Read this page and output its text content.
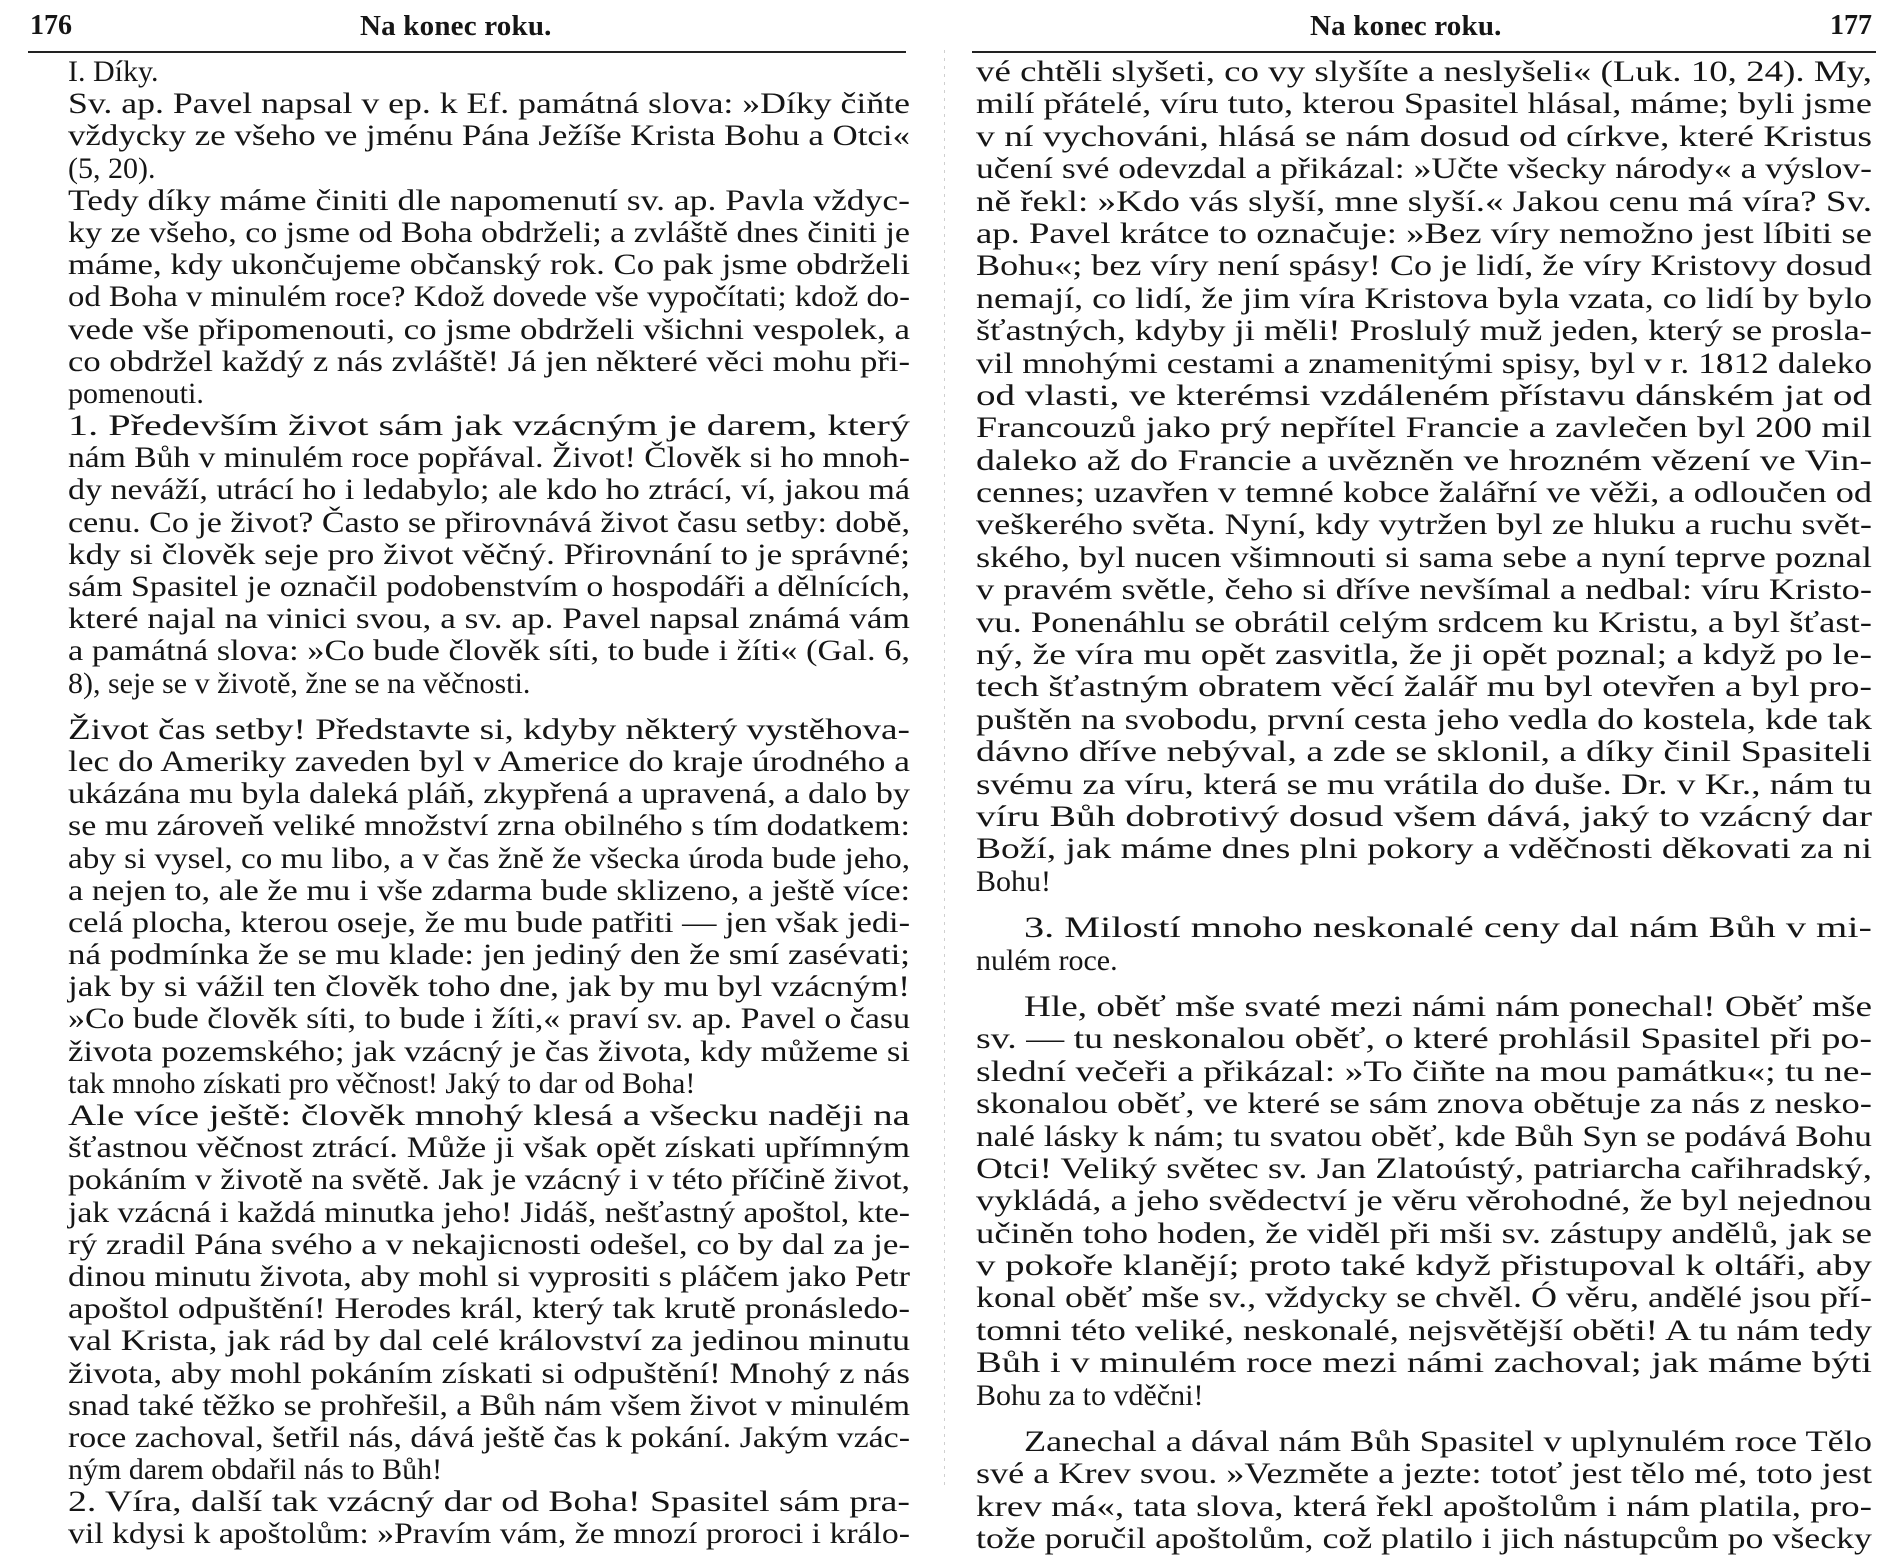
176	Na konec roku.
I. Díky.
Sv. ap. Pavel napsal v ep. k Ef. památná slova: »Díky čiňte
vždycky ze všeho ve jménu Pána Ježíše Krista Bohu a Otci«
(5, 20).
Tedy díky máme činiti dle napomenutí sv. ap. Pavla vždyc-
ky ze všeho, co jsme od Boha obdrželi; a zvláště dnes činiti je
máme, kdy ukončujeme občanský rok. Co pak jsme obdrželi
od Boha v minulém roce? Kdož dovede vše vypočítati; kdož do-
vede vše připomenouti, co jsme obdrželi všichni vespolek, a
co obdržel každý z nás zvláště! Já jen některé věci mohu při-
pomenouti.
1. Především život sám jak vzácným je darem, který
nám Bůh v minulém roce popřával. Život! Člověk si ho mnoh-
dy neváží, utrácí ho i ledabylo; ale kdo ho ztrácí, ví, jakou má
cenu. Co je život? Často se přirovnává život času setby: době,
kdy si člověk seje pro život věčný. Přirovnání to je správné;
sám Spasitel je označil podobenstvím o hospodáři a dělnících,
které najal na vinici svou, a sv. ap. Pavel napsal známá vám
a památná slova: »Co bude člověk síti, to bude i žíti« (Gal. 6,
8), seje se v životě, žne se na věčnosti.
Život čas setby! Představte si, kdyby některý vystěhova-
lec do Ameriky zaveden byl v Americe do kraje úrodného a
ukázána mu byla daleká pláň, zkypřená a upravená, a dalo by
se mu zároveň veliké množství zrna obilného s tím dodatkem:
aby si vysel, co mu libo, a v čas žně že všecka úroda bude jeho,
a nejen to, ale že mu i vše zdarma bude sklizeno, a ještě více:
celá plocha, kterou oseje, že mu bude patřiti — jen však jedi-
ná podmínka že se mu klade: jen jediný den že smí zasévati;
jak by si vážil ten člověk toho dne, jak by mu byl vzácným!
»Co bude člověk síti, to bude i žíti,« praví sv. ap. Pavel o času
života pozemského; jak vzácný je čas života, kdy můžeme si
tak mnoho získati pro věčnost! Jaký to dar od Boha!
Ale více ještě: člověk mnohý klesá a všecku naději na
šťastnou věčnost ztrácí. Může ji však opět získati upřímným
pokáním v životě na světě. Jak je vzácný i v této příčině život,
jak vzácná i každá minutka jeho! Jidáš, nešťastný apoštol, kte-
rý zradil Pána svého a v nekajicnosti odešel, co by dal za je-
dinou minutu života, aby mohl si vyprositi s pláčem jako Petr
apoštol odpuštění! Herodes král, který tak krutě pronásledo-
val Krista, jak rád by dal celé království za jedinou minutu
života, aby mohl pokáním získati si odpuštění! Mnohý z nás
snad také těžko se prohřešil, a Bůh nám všem život v minulém
roce zachoval, šetřil nás, dává ještě čas k pokání. Jakým vzác-
ným darem obdařil nás to Bůh!
2. Víra, další tak vzácný dar od Boha! Spasitel sám pra-
vil kdysi k apoštolům: »Pravím vám, že mnozí proroci i králo-
Na konec roku.	177
vé chtěli slyšeti, co vy slyšíte a neslyšeli« (Luk. 10, 24). My,
milí přátelé, víru tuto, kterou Spasitel hlásal, máme; byli jsme
v ní vychováni, hlásá se nám dosud od církve, které Kristus
učení své odevzdal a přikázal: »Učte všecky národy« a výslov-
ně řekl: »Kdo vás slyší, mne slyší.« Jakou cenu má víra? Sv.
ap. Pavel krátce to označuje: »Bez víry nemožno jest líbiti se
Bohu«; bez víry není spásy! Co je lidí, že víry Kristovy dosud
nemají, co lidí, že jim víra Kristova byla vzata, co lidí by bylo
šťastných, kdyby ji měli! Proslulý muž jeden, který se prosla-
vil mnohými cestami a znamenitými spisy, byl v r. 1812 daleko
od vlasti, ve kterémsi vzdáleném přístavu dánském jat od
Francouzů jako prý nepřítel Francie a zavlečen byl 200 mil
daleko až do Francie a uvězněn ve hrozném vězení ve Vin-
cennes; uzavřen v temné kobce žalářní ve věži, a odloučen od
veškerého světa. Nyní, kdy vytržen byl ze hluku a ruchu svět-
ského, byl nucen všimnouti si sama sebe a nyní teprve poznal
v pravém světle, čeho si dříve nevšímal a nedbal: víru Kristo-
vu. Ponenáhlu se obrátil celým srdcem ku Kristu, a byl šťast-
ný, že víra mu opět zasvitla, že ji opět poznal; a když po le-
tech šťastným obratem věcí žalář mu byl otevřen a byl pro-
puštěn na svobodu, první cesta jeho vedla do kostela, kde tak
dávno dříve nebýval, a zde se sklonil, a díky činil Spasiteli
svému za víru, která se mu vrátila do duše. Dr. v Kr., nám tu
víru Bůh dobrotivý dosud všem dává, jaký to vzácný dar
Boží, jak máme dnes plni pokory a vděčnosti děkovati za ni
Bohu!
3. Milostí mnoho neskonalé ceny dal nám Bůh v mi-
nulém roce.
Hle, oběť mše svaté mezi námi nám ponechal! Oběť mše
sv. — tu neskonalou oběť, o které prohlásil Spasitel při po-
slední večeři a přikázal: »To čiňte na mou památku«; tu ne-
skonalou oběť, ve které se sám znova obětuje za nás z nesko-
nalé lásky k nám; tu svatou oběť, kde Bůh Syn se podává Bohu
Otci! Veliký světec sv. Jan Zlatoústý, patriarcha cařihradský,
vykládá, a jeho svědectví je věru věrohodné, že byl nejednou
učiněn toho hoden, že viděl při mši sv. zástupy andělů, jak se
v pokoře klanějí; proto také když přistupoval k oltáři, aby
konal oběť mše sv., vždycky se chvěl. Ó věru, andělé jsou pří-
tomni této veliké, neskonalé, nejsvětější oběti! A tu nám tedy
Bůh i v minulém roce mezi námi zachoval; jak máme býti
Bohu za to vděčni!
Zanechal a dával nám Bůh Spasitel v uplynulém roce Tělo
své a Krev svou. »Vezměte a jezte: totoť jest tělo mé, toto jest
krev má«, tata slova, která řekl apoštolům i nám platila, pro-
tože poručil apoštolům, což platilo i jich nástupcům po všecky
